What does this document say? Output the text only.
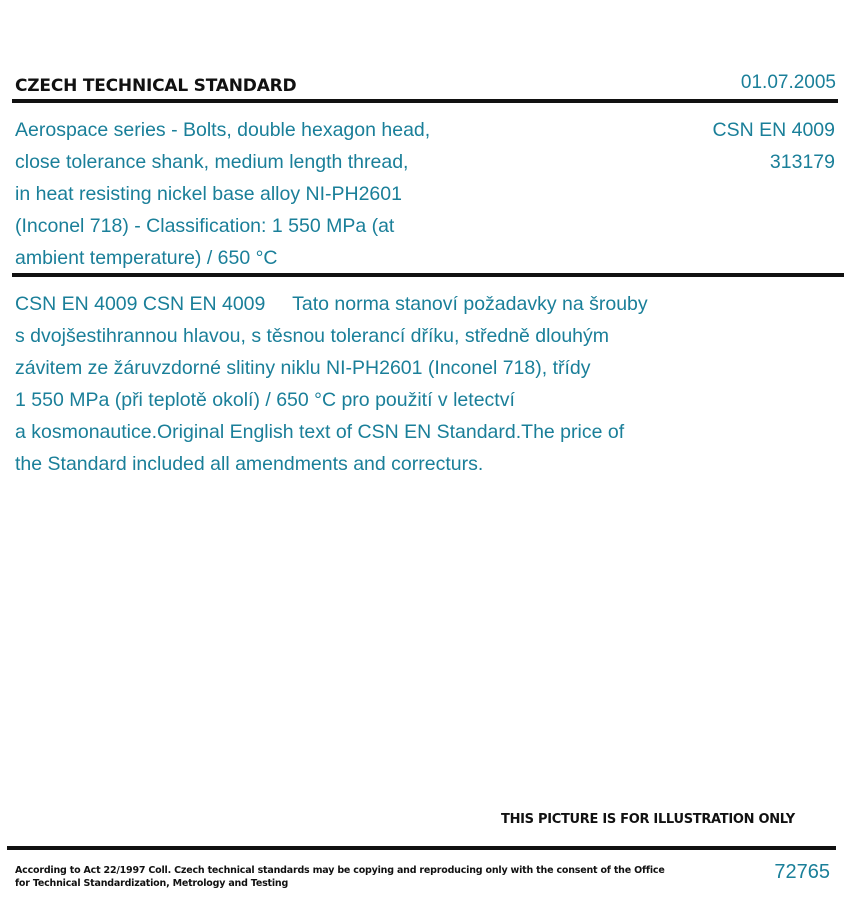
CZECH TECHNICAL STANDARD	01.07.2005
Aerospace series - Bolts, double hexagon head,
close tolerance shank, medium length thread,
in heat resisting nickel base alloy NI-PH2601
(Inconel 718) - Classification: 1 550 MPa (at
ambient temperature) / 650 °C
CSN EN 4009
313179
CSN EN 4009 CSN EN 4009     Tato norma stanoví požadavky na šrouby
s dvojšestihrannou hlavou, s těsnou tolerancí dříku, středně dlouhým
závitem ze žáruvzdorné slitiny niklu NI-PH2601 (Inconel 718), třídy
1 550 MPa (při teplotě okolí) / 650 °C pro použití v letectví
a kosmonautice.Original English text of CSN EN Standard.The price of
the Standard included all amendments and correcturs.
THIS PICTURE IS FOR ILLUSTRATION ONLY
According to Act 22/1997 Coll. Czech technical standards may be copying and reproducing only with the consent of the Office
for Technical Standardization, Metrology and Testing
72765
